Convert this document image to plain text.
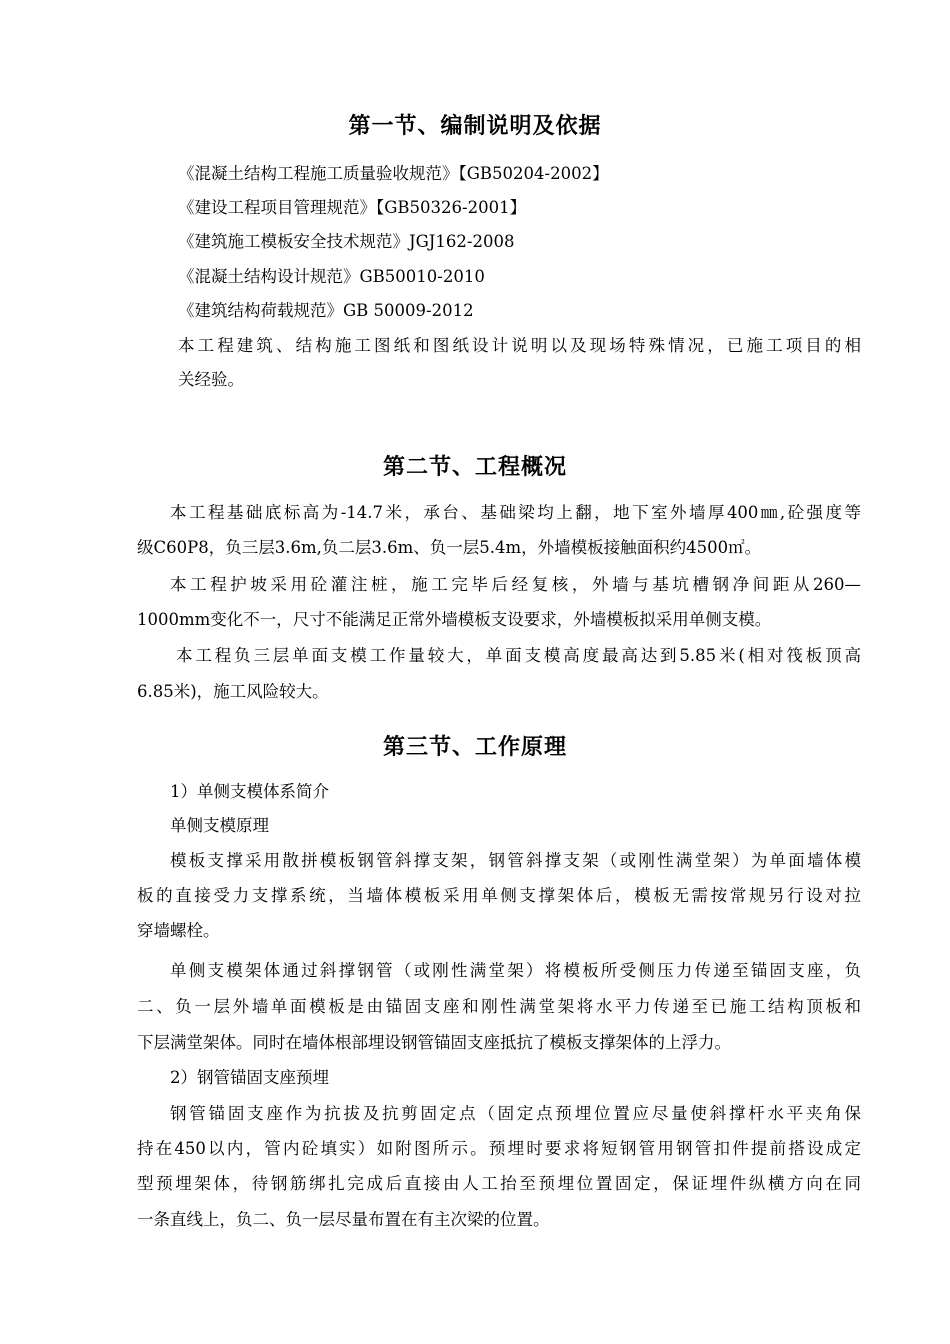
第一节、编制说明及依据
《混凝土结构工程施工质量验收规范》【GB50204-2002】
《建设工程项目管理规范》【GB50326-2001】
《建筑施工模板安全技术规范》JGJ162-2008
《混凝土结构设计规范》GB50010-2010
《建筑结构荷载规范》GB 50009-2012
本工程建筑、结构施工图纸和图纸设计说明以及现场特殊情况，已施工项目的相
关经验。
第二节、工程概况
本工程基础底标高为-14.7米，承台、基础梁均上翻，地下室外墙厚400㎜,砼强度等
级C60P8，负三层3.6m,负二层3.6m、负一层5.4m，外墙模板接触面积约4500㎡。
本工程护坡采用砼灌注桩，施工完毕后经复核，外墙与基坑槽钢净间距从260—
1000mm变化不一，尺寸不能满足正常外墙模板支设要求，外墙模板拟采用单侧支模。
本工程负三层单面支模工作量较大，单面支模高度最高达到5.85米(相对筏板顶高
6.85米)，施工风险较大。
第三节、工作原理
1）单侧支模体系简介
单侧支模原理
模板支撑采用散拼模板钢管斜撑支架，钢管斜撑支架（或刚性满堂架）为单面墙体模
板的直接受力支撑系统，当墙体模板采用单侧支撑架体后，模板无需按常规另行设对拉
穿墙螺栓。
单侧支模架体通过斜撑钢管（或刚性满堂架）将模板所受侧压力传递至锚固支座，负
二、负一层外墙单面模板是由锚固支座和刚性满堂架将水平力传递至已施工结构顶板和
下层满堂架体。同时在墙体根部埋设钢管锚固支座抵抗了模板支撑架体的上浮力。
2）钢管锚固支座预埋
钢管锚固支座作为抗拔及抗剪固定点（固定点预埋位置应尽量使斜撑杆水平夹角保
持在450以内，管内砼填实）如附图所示。预埋时要求将短钢管用钢管扣件提前搭设成定
型预埋架体，待钢筋绑扎完成后直接由人工抬至预埋位置固定，保证埋件纵横方向在同
一条直线上，负二、负一层尽量布置在有主次梁的位置。
